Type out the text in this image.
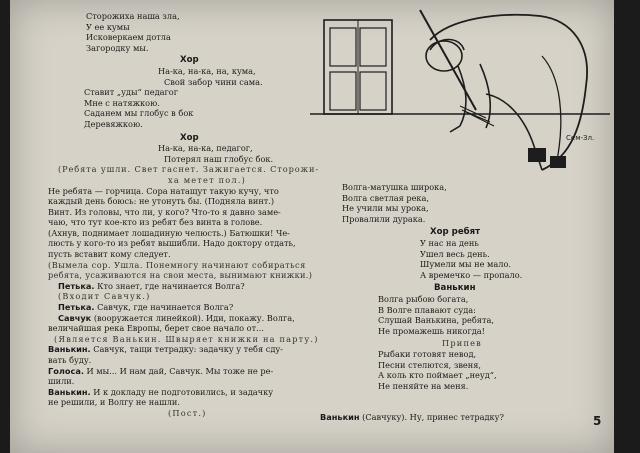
Сторожиха наша зла,
У ее кумы
Исковеркаем дотла
Загородку мы.
Хор
На-ка, на-ка, на, кума,
Свой забор чини сама.
Ставит „уды“ педагог
Мне с натяжкою.
Саданем мы глобус в бок
Деревяжкою.
Хор
На-ка, на-ка, педагог,
Потерял наш глобус бок.
(Ребята ушли. Свет гаснет. Зажигается. Сторожи-
ха метет пол.)
Не ребята — горчица. Сора натащут такую кучу, что
каждый день боюсь: не утонуть бы. (Подняла винт.)
Винт. Из головы, что ли, у кого? Что-то я давно заме-
чаю, что тут кое-кто из ребят без винта в голове.
(Ахнув, поднимает лошадиную челюсть.) Батюшки! Че-
люсть у кого-то из ребят вышибли. Надо доктору отдать,
пусть вставит кому следует.
(Вымела сор. Ушла. Понемногу начинают собираться
ребята, усаживаются на свои места, вынимают книжки.)
Петька. Кто знает, где начинается Волга?
(Входит Савчук.)
Петька. Савчук, где начинается Волга?
Савчук (вооружается линейкой). Иди, покажу. Волга,
величайшая река Европы, берет свое начало от...
(Является Ванькин. Швыряет книжки на парту.)
Ванькин. Савчук, тащи тетрадку: задачку у тебя сду-
вать буду.
Голоса. И мы... И нам дай, Савчук. Мы тоже не ре-
шили.
Ванькин. И к докладу не подготовились, и задачку
не решили, и Волгу не нашли.
(Пост.)
Сем-Зл.
Волга-матушка широка,
Волга светлая река,
Не учили мы урока,
Провалили дурака.
Хор ребят
У нас на день
Ушел весь день.
Шумели мы не мало.
А времечко — пропало.
Ванькин
Волга рыбою богата,
В Волге плавают суда:
Слушай Ванькина, ребята,
Не промажешь никогда!
Припев
Рыбаки готовят невод,
Песни стелются, звеня,
А коль кто поймает „неуд“,
Не пеняйте на меня.
Ванькин (Савчуку). Ну, принес тетрадку?	5
